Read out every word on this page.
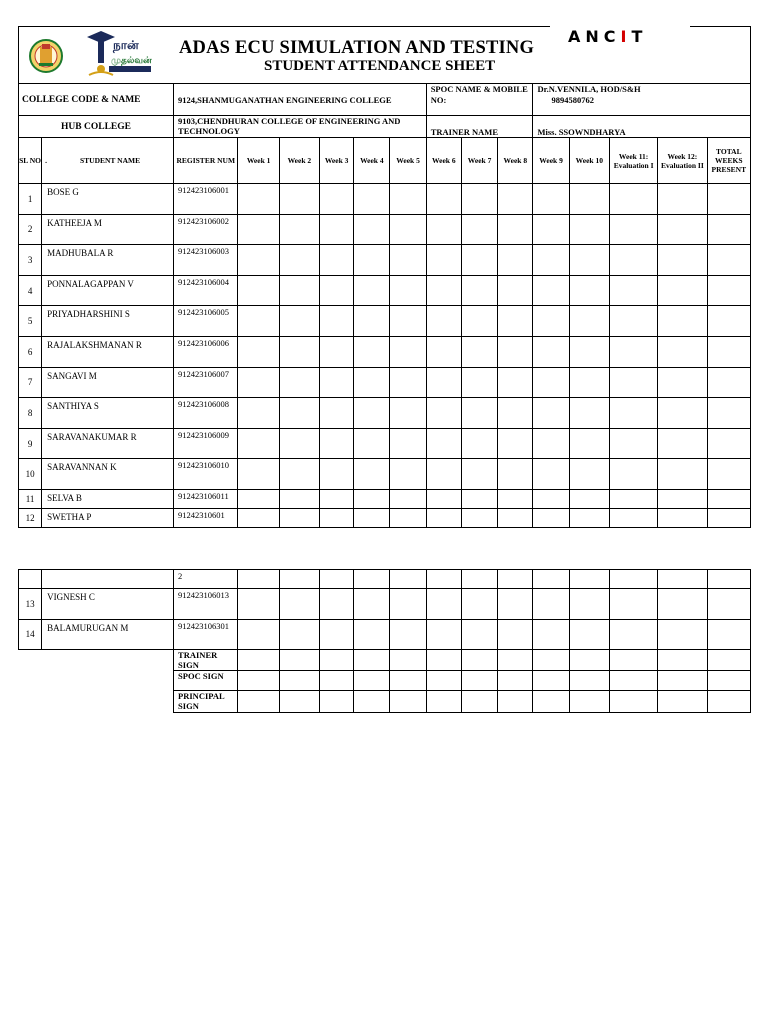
நான்
முதல்வன்
ADAS ECU SIMULATION AND TESTING
STUDENT ATTENDANCE SHEET
ANCIT
COLLEGE CODE & NAME		9124,SHANMUGANATHAN ENGINEERING COLLEGE						SPOC NAME & MOBILE NO:			Dr.N.VENNILA, HOD/S&H
9894580762				

HUB COLLEGE		9103,CHENDHURAN COLLEGE OF ENGINEERING AND TECHNOLOGY						TRAINER NAME			Miss. SSOWNDHARYA				
SL NO	. STUDENT NAME	REGISTER NUM	Week 1	Week 2	Week 3	Week 4	Week 5	Week 6	Week 7	Week 8	Week 9	Week 10	Week 11: Evaluation I	Week 12: Evaluation II	TOTAL WEEKS PRESENT
1	BOSE G	912423106001													
2	KATHEEJA M	912423106002													
3	MADHUBALA R	912423106003													
4	PONNALAGAPPAN V	912423106004													
5	PRIYADHARSHINI S	912423106005													
6	RAJALAKSHMANAN R	912423106006													
7	SANGAVI M	912423106007													
8	SANTHIYA S	912423106008													
9	SARAVANAKUMAR R	912423106009													
10	SARAVANNAN K	912423106010													
11	SELVA B	912423106011													
12	SWETHA P	91242310601													
		2													
13	VIGNESH C	912423106013													
14	BALAMURUGAN M	912423106301													
		TRAINER SIGN													
		SPOC SIGN													
		PRINCIPAL SIGN													
